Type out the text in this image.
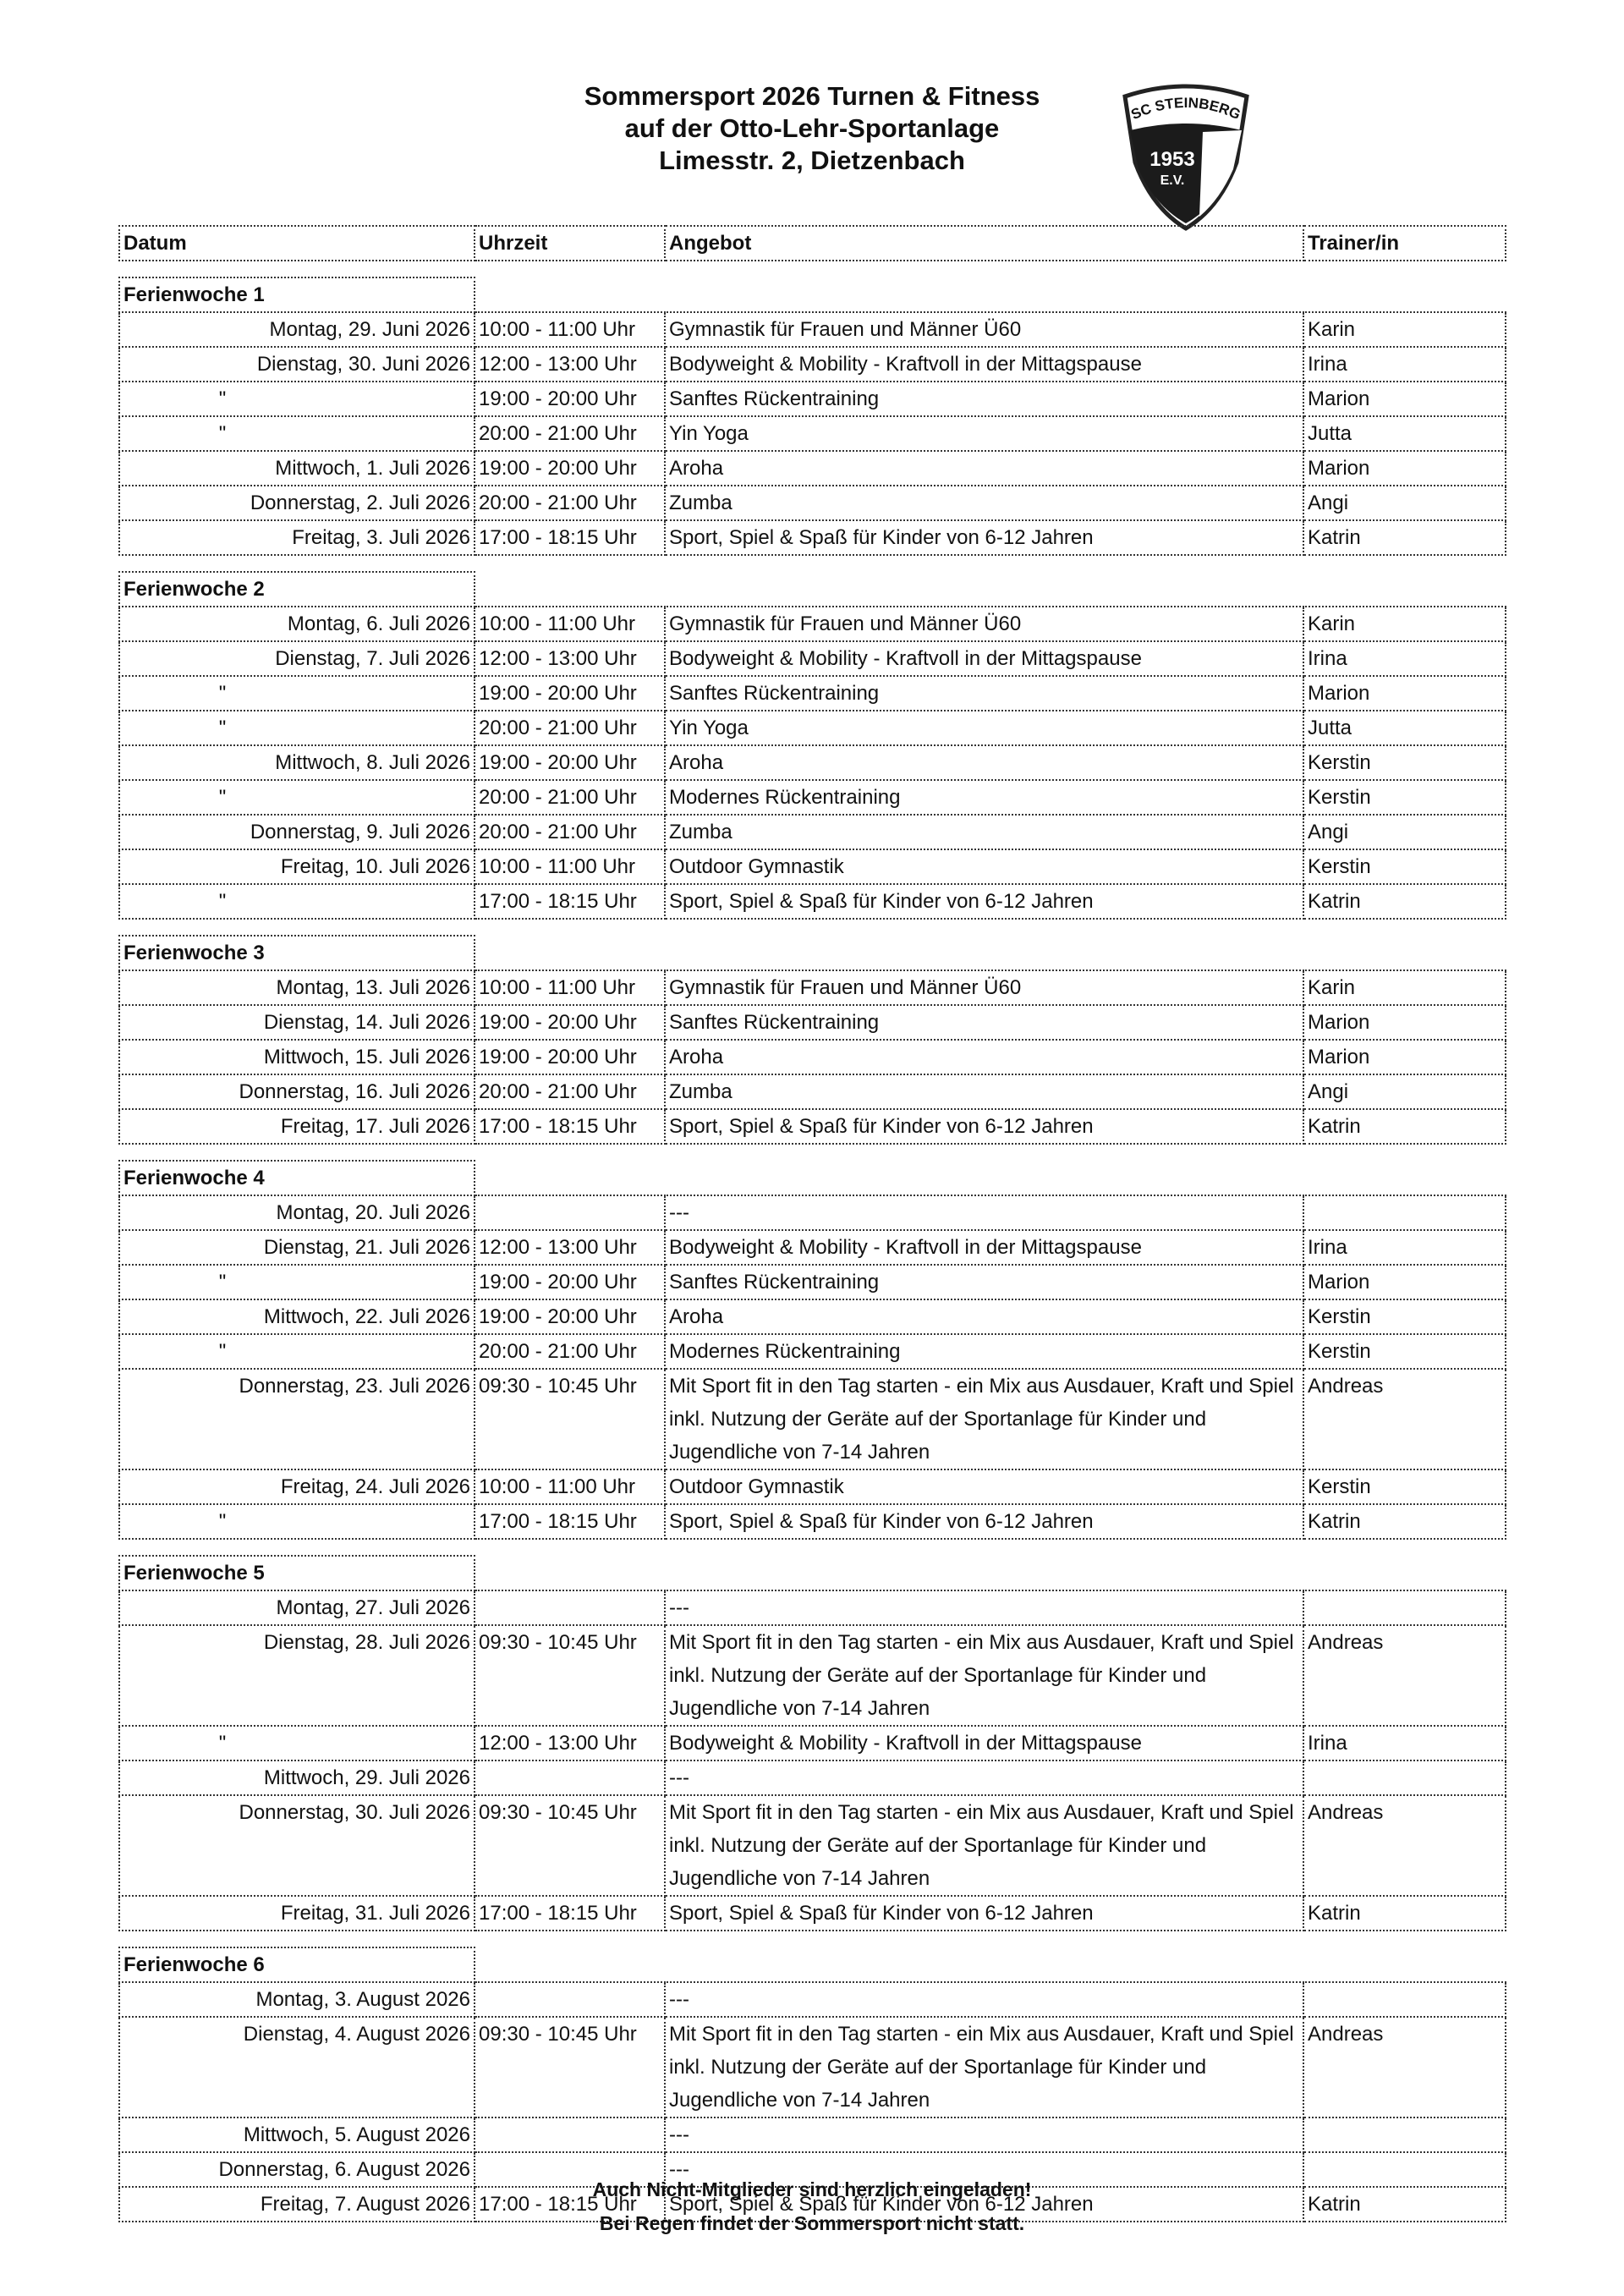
Sommersport 2026 Turnen & Fitness
auf der Otto-Lehr-Sportanlage
Limesstr. 2, Dietzenbach
SC STEINBERG
1953
E.V.
Datum	Uhrzeit	Angebot	Trainer/in

Ferienwoche 1			
Montag, 29. Juni 2026	10:00 - 11:00 Uhr	Gymnastik für Frauen und Männer Ü60	Karin
Dienstag, 30. Juni 2026	12:00 - 13:00 Uhr	Bodyweight & Mobility - Kraftvoll in der Mittagspause	Irina
"	19:00 - 20:00 Uhr	Sanftes Rückentraining	Marion
"	20:00 - 21:00 Uhr	Yin Yoga	Jutta
Mittwoch, 1. Juli 2026	19:00 - 20:00 Uhr	Aroha	Marion
Donnerstag, 2. Juli 2026	20:00 - 21:00 Uhr	Zumba	Angi
Freitag, 3. Juli 2026	17:00 - 18:15 Uhr	Sport, Spiel & Spaß für Kinder von 6-12 Jahren	Katrin

Ferienwoche 2			
Montag, 6. Juli 2026	10:00 - 11:00 Uhr	Gymnastik für Frauen und Männer Ü60	Karin
Dienstag, 7. Juli 2026	12:00 - 13:00 Uhr	Bodyweight & Mobility - Kraftvoll in der Mittagspause	Irina
"	19:00 - 20:00 Uhr	Sanftes Rückentraining	Marion
"	20:00 - 21:00 Uhr	Yin Yoga	Jutta
Mittwoch, 8. Juli 2026	19:00 - 20:00 Uhr	Aroha	Kerstin
"	20:00 - 21:00 Uhr	Modernes Rückentraining	Kerstin
Donnerstag, 9. Juli 2026	20:00 - 21:00 Uhr	Zumba	Angi
Freitag, 10. Juli 2026	10:00 - 11:00 Uhr	Outdoor Gymnastik	Kerstin
"	17:00 - 18:15 Uhr	Sport, Spiel & Spaß für Kinder von 6-12 Jahren	Katrin

Ferienwoche 3			
Montag, 13. Juli 2026	10:00 - 11:00 Uhr	Gymnastik für Frauen und Männer Ü60	Karin
Dienstag, 14. Juli 2026	19:00 - 20:00 Uhr	Sanftes Rückentraining	Marion
Mittwoch, 15. Juli 2026	19:00 - 20:00 Uhr	Aroha	Marion
Donnerstag, 16. Juli 2026	20:00 - 21:00 Uhr	Zumba	Angi
Freitag, 17. Juli 2026	17:00 - 18:15 Uhr	Sport, Spiel & Spaß für Kinder von 6-12 Jahren	Katrin

Ferienwoche 4			
Montag, 20. Juli 2026		---	
Dienstag, 21. Juli 2026	12:00 - 13:00 Uhr	Bodyweight & Mobility - Kraftvoll in der Mittagspause	Irina
"	19:00 - 20:00 Uhr	Sanftes Rückentraining	Marion
Mittwoch, 22. Juli 2026	19:00 - 20:00 Uhr	Aroha	Kerstin
"	20:00 - 21:00 Uhr	Modernes Rückentraining	Kerstin
Donnerstag, 23. Juli 2026	09:30 - 10:45 Uhr	Mit Sport fit in den Tag starten - ein Mix aus Ausdauer, Kraft und Spiel inkl. Nutzung der Geräte auf der Sportanlage für Kinder und Jugendliche von 7-14 Jahren	Andreas
Freitag, 24. Juli 2026	10:00 - 11:00 Uhr	Outdoor Gymnastik	Kerstin
"	17:00 - 18:15 Uhr	Sport, Spiel & Spaß für Kinder von 6-12 Jahren	Katrin

Ferienwoche 5			
Montag, 27. Juli 2026		---	
Dienstag, 28. Juli 2026	09:30 - 10:45 Uhr	Mit Sport fit in den Tag starten - ein Mix aus Ausdauer, Kraft und Spiel inkl. Nutzung der Geräte auf der Sportanlage für Kinder und Jugendliche von 7-14 Jahren	Andreas
"	12:00 - 13:00 Uhr	Bodyweight & Mobility - Kraftvoll in der Mittagspause	Irina
Mittwoch, 29. Juli 2026		---	
Donnerstag, 30. Juli 2026	09:30 - 10:45 Uhr	Mit Sport fit in den Tag starten - ein Mix aus Ausdauer, Kraft und Spiel inkl. Nutzung der Geräte auf der Sportanlage für Kinder und Jugendliche von 7-14 Jahren	Andreas
Freitag, 31. Juli 2026	17:00 - 18:15 Uhr	Sport, Spiel & Spaß für Kinder von 6-12 Jahren	Katrin

Ferienwoche 6			
Montag, 3. August 2026		---	
Dienstag, 4. August 2026	09:30 - 10:45 Uhr	Mit Sport fit in den Tag starten - ein Mix aus Ausdauer, Kraft und Spiel inkl. Nutzung der Geräte auf der Sportanlage für Kinder und Jugendliche von 7-14 Jahren	Andreas
Mittwoch, 5. August 2026		---	
Donnerstag, 6. August 2026		---	
Freitag, 7. August 2026	17:00 - 18:15 Uhr	Sport, Spiel & Spaß für Kinder von 6-12 Jahren	Katrin
Auch Nicht-Mitglieder sind herzlich eingeladen!
Bei Regen findet der Sommersport nicht statt.
